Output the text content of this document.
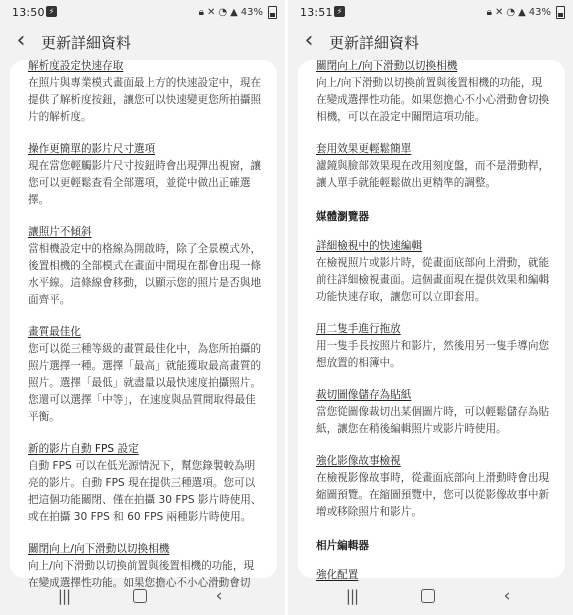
13:50 ⚡	🔒︎ ✕ ◔ ▲ 43%
‹	更新詳細資料
解析度設定快速存取
在照片與專業模式畫面最上方的快速設定中，現在提供了解析度按鈕，讓您可以快速變更您所拍攝照片的解析度。
操作更簡單的影片尺寸選項
現在當您輕觸影片尺寸按鈕時會出現彈出視窗，讓您可以更輕鬆查看全部選項，並從中做出正確選擇。
讓照片不傾斜
當相機設定中的格線為開啟時，除了全景模式外，後置相機的全部模式在畫面中間現在都會出現一條水平線。這條線會移動，以顯示您的照片是否與地面齊平。
畫質最佳化
您可以從三種等級的畫質最佳化中，為您所拍攝的照片選擇一種。選擇「最高」就能獲取最高畫質的照片。選擇「最低」就盡量以最快速度拍攝照片。您還可以選擇「中等」，在速度與品質間取得最佳平衡。
新的影片自動 FPS 設定
自動 FPS 可以在低光源情況下，幫您錄製較為明亮的影片。自動 FPS 現在提供三種選項。您可以把這個功能關閉、僅在拍攝 30 FPS 影片時使用、或在拍攝 30 FPS 和 60 FPS 兩種影片時使用。
關閉向上/向下滑動以切換相機
向上/向下滑動以切換前置與後置相機的功能，現在變成選擇性功能。如果您擔心不小心滑動會切
|||	‹
13:51 ⚡	🔒︎ ✕ ◔ ▲ 43%
‹	更新詳細資料
關閉向上/向下滑動以切換相機
向上/向下滑動以切換前置與後置相機的功能，現在變成選擇性功能。如果您擔心不小心滑動會切換相機，可以在設定中關閉這項功能。
套用效果更輕鬆簡單
濾鏡與臉部效果現在改用刻度盤，而不是滑動桿，讓人單手就能輕鬆做出更精準的調整。
媒體瀏覽器
詳細檢視中的快速編輯
在檢視照片或影片時，從畫面底部向上滑動，就能前往詳細檢視畫面。這個畫面現在提供效果和編輯功能快速存取，讓您可以立即套用。
用二隻手進行拖放
用一隻手長按照片和影片，然後用另一隻手導向您想放置的相簿中。
裁切圖像儲存為貼紙
當您從圖像裁切出某個圖片時，可以輕鬆儲存為貼紙，讓您在稍後編輯照片或影片時使用。
強化影像故事檢視
在檢視影像故事時，從畫面底部向上滑動時會出現縮圖預覽。在縮圖預覽中，您可以從影像故事中新增或移除照片和影片。
相片編輯器
強化配置
|||	‹
